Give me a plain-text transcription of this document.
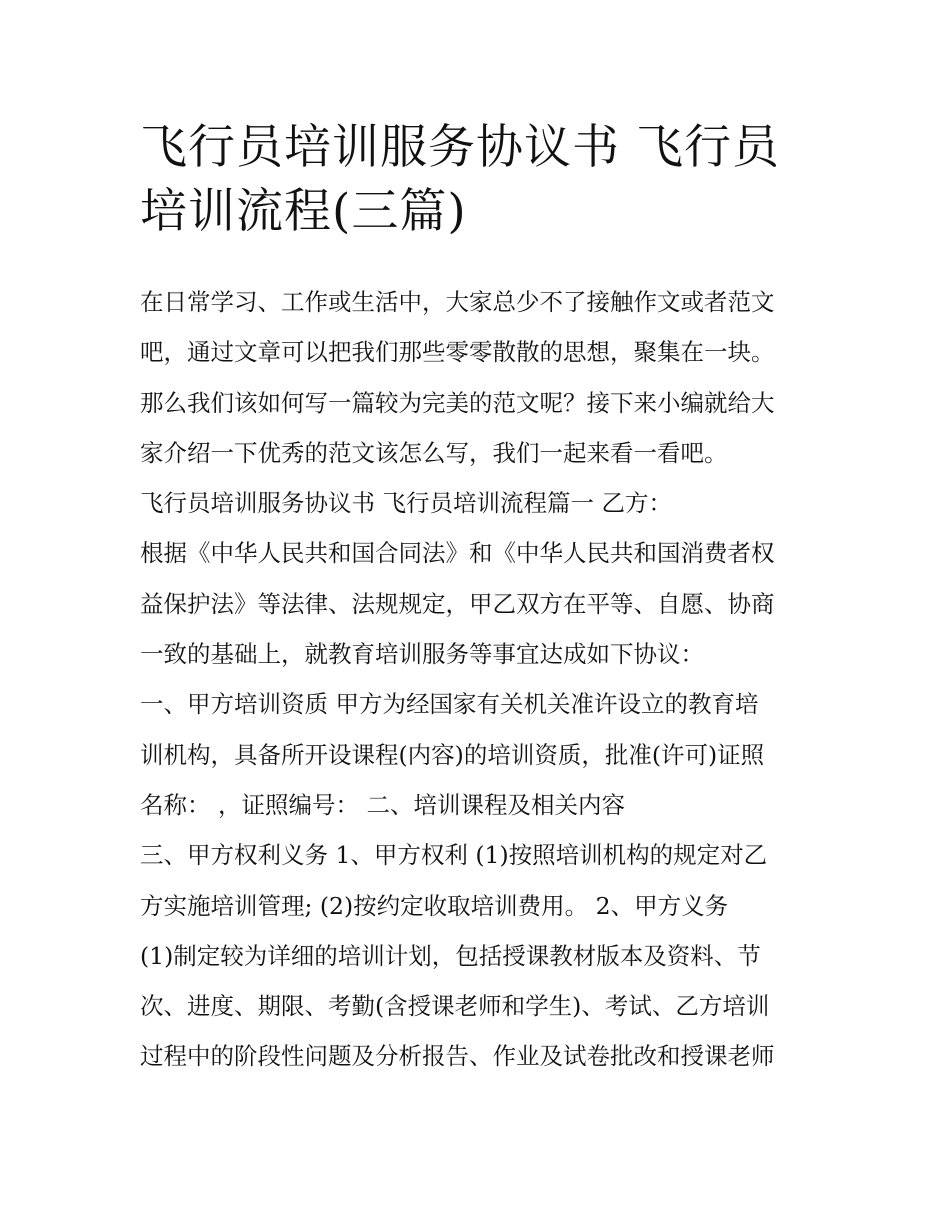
飞行员培训服务协议书 飞行员
培训流程(三篇)
在日常学习、工作或生活中，大家总少不了接触作文或者范文
吧，通过文章可以把我们那些零零散散的思想，聚集在一块。
那么我们该如何写一篇较为完美的范文呢？接下来小编就给大
家介绍一下优秀的范文该怎么写，我们一起来看一看吧。
飞行员培训服务协议书 飞行员培训流程篇一 乙方：
根据《中华人民共和国合同法》和《中华人民共和国消费者权
益保护法》等法律、法规规定，甲乙双方在平等、自愿、协商
一致的基础上，就教育培训服务等事宜达成如下协议：
一、甲方培训资质 甲方为经国家有关机关准许设立的教育培
训机构，具备所开设课程(内容)的培训资质，批准(许可)证照
名称： ，证照编号： 二、培训课程及相关内容
三、甲方权利义务 1、甲方权利 (1)按照培训机构的规定对乙
方实施培训管理; (2)按约定收取培训费用。 2、甲方义务
(1)制定较为详细的培训计划，包括授课教材版本及资料、节
次、进度、期限、考勤(含授课老师和学生)、考试、乙方培训
过程中的阶段性问题及分析报告、作业及试卷批改和授课老师
